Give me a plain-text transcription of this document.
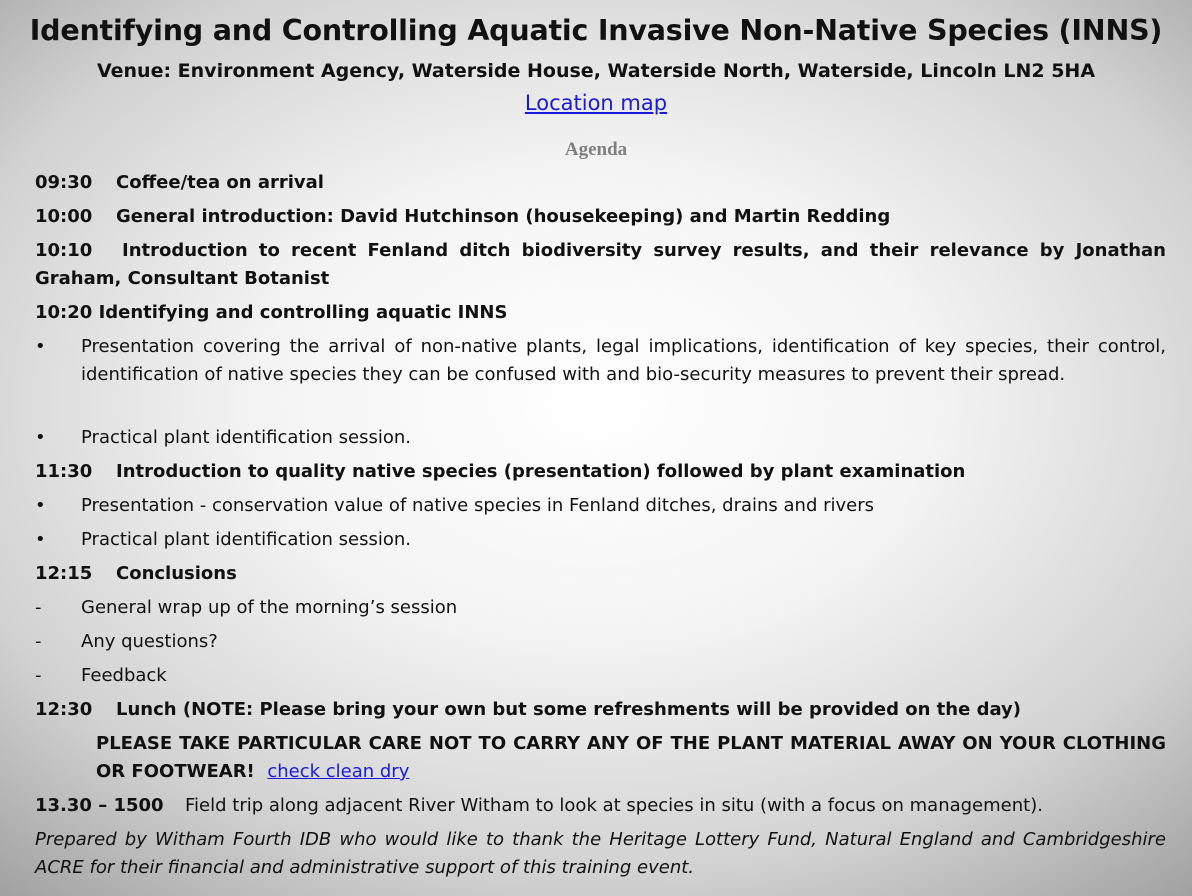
Identifying and Controlling Aquatic Invasive Non-Native Species (INNS)
Venue: Environment Agency, Waterside House, Waterside North, Waterside, Lincoln LN2 5HA
Location map
Agenda
09:30 Coffee/tea on arrival
10:00 General introduction: David Hutchinson (housekeeping) and Martin Redding
10:10 Introduction to recent Fenland ditch biodiversity survey results, and their relevance by Jonathan Graham, Consultant Botanist
10:20 Identifying and controlling aquatic INNS
•	Presentation covering the arrival of non-native plants, legal implications, identification of key species, their control, identification of native species they can be confused with and bio-security measures to prevent their spread.
•	Practical plant identification session.
11:30 Introduction to quality native species (presentation) followed by plant examination
•	Presentation - conservation value of native species in Fenland ditches, drains and rivers
•	Practical plant identification session.
12:15 Conclusions
-	General wrap up of the morning’s session
-	Any questions?
-	Feedback
12:30 Lunch (NOTE: Please bring your own but some refreshments will be provided on the day)
PLEASE TAKE PARTICULAR CARE NOT TO CARRY ANY OF THE PLANT MATERIAL AWAY ON YOUR CLOTHING OR FOOTWEAR! check clean dry
13.30 – 1500 Field trip along adjacent River Witham to look at species in situ (with a focus on management).
Prepared by Witham Fourth IDB who would like to thank the Heritage Lottery Fund, Natural England and Cambridgeshire ACRE for their financial and administrative support of this training event.
